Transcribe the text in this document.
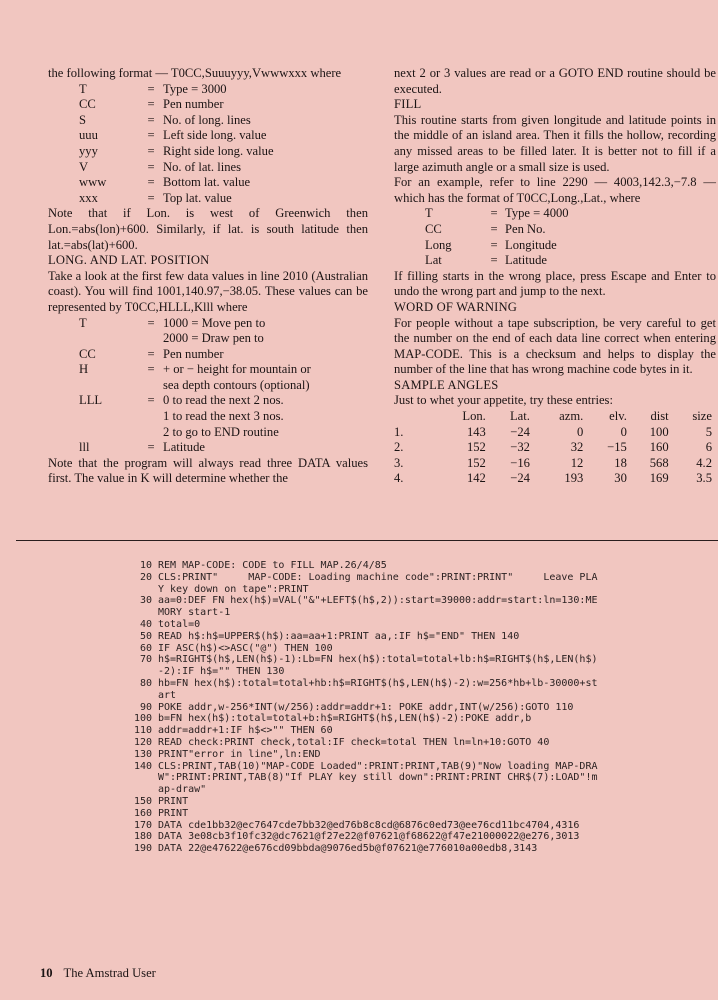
the following format — T0CC,Suuuyyy,Vwwwxxx where

T	=	Type = 3000
CC	=	Pen number
S	=	No. of long. lines
uuu	=	Left side long. value
yyy	=	Right side long. value
V	=	No. of lat. lines
www	=	Bottom lat. value
xxx	=	Top lat. value

Note that if Lon. is west of Greenwich then Lon.=abs(lon)+600. Similarly, if lat. is south latitude then lat.=abs(lat)+600.

LONG. AND LAT. POSITION

Take a look at the first few data values in line 2010 (Australian coast). You will find 1001,140.97,−38.05. These values can be represented by T0CC,HLLL,Klll where

T	=	1000 = Move pen to
		2000 = Draw pen to
CC	=	Pen number
H	=	+ or − height for mountain or
		sea depth contours (optional)
LLL	=	0 to read the next 2 nos.
		1 to read the next 3 nos.
		2 to go to END routine
lll	=	Latitude

Note that the program will always read three DATA values first. The value in K will determine whether the

next 2 or 3 values are read or a GOTO END routine should be executed.

FILL

This routine starts from given longitude and latitude points in the middle of an island area. Then it fills the hollow, recording any missed areas to be filled later. It is better not to fill if a large azimuth angle or a small size is used.

For an example, refer to line 2290 — 4003,142.3,−7.8 — which has the format of T0CC,Long.,Lat., where

T	=	Type = 4000
CC	=	Pen No.
Long	=	Longitude
Lat	=	Latitude

If filling starts in the wrong place, press Escape and Enter to undo the wrong part and jump to the next.

WORD OF WARNING

For people without a tape subscription, be very careful to get the number on the end of each data line correct when entering MAP-CODE. This is a checksum and helps to display the number of the line that has wrong machine code bytes in it.

SAMPLE ANGLES

Just to whet your appetite, try these entries:

	Lon.	Lat.	azm.	elv.	dist	size
1.	143	−24	0	0	100	5
2.	152	−32	32	−15	160	6
3.	152	−16	12	18	568	4.2
4.	142	−24	193	30	169	3.5
10 REM MAP-CODE: CODE to FILL MAP.26/4/85
20 CLS:PRINT"     MAP-CODE: Loading machine code":PRINT:PRINT"     Leave PLAY key down on tape":PRINT
30 aa=0:DEF FN hex(h$)=VAL("&"+LEFT$(h$,2)):start=39000:addr=start:ln=130:MEMORY start-1
40 total=0
50 READ h$:h$=UPPER$(h$):aa=aa+1:PRINT aa,:IF h$="END" THEN 140
60 IF ASC(h$)<>ASC("@") THEN 100
70 h$=RIGHT$(h$,LEN(h$)-1):Lb=FN hex(h$):total=total+lb:h$=RIGHT$(h$,LEN(h$)-2):IF h$="" THEN 130
80 hb=FN hex(h$):total=total+hb:h$=RIGHT$(h$,LEN(h$)-2):w=256*hb+lb-30000+start
90 POKE addr,w-256*INT(w/256):addr=addr+1: POKE addr,INT(w/256):GOTO 110
100 b=FN hex(h$):total=total+b:h$=RIGHT$(h$,LEN(h$)-2):POKE addr,b
110 addr=addr+1:IF h$<>"" THEN 60
120 READ check:PRINT check,total:IF check=total THEN ln=ln+10:GOTO 40
130 PRINT"error in line",ln:END
140 CLS:PRINT,TAB(10)"MAP-CODE Loaded":PRINT:PRINT,TAB(9)"Now loading MAP-DRAW":PRINT:PRINT,TAB(8)"If PLAY key still down":PRINT:PRINT CHR$(7):LOAD"!map-draw"
150 PRINT
160 PRINT
170 DATA cde1bb32@ec7647cde7bb32@ed76b8c8cd@6876c0ed73@ee76cd11bc4704,4316
180 DATA 3e08cb3f10fc32@dc7621@f27e22@f07621@f68622@f47e21000022@e276,3013
190 DATA 22@e47622@e676cd09bbda@9076ed5b@f07621@e776010a00edb8,3143
10 The Amstrad User
